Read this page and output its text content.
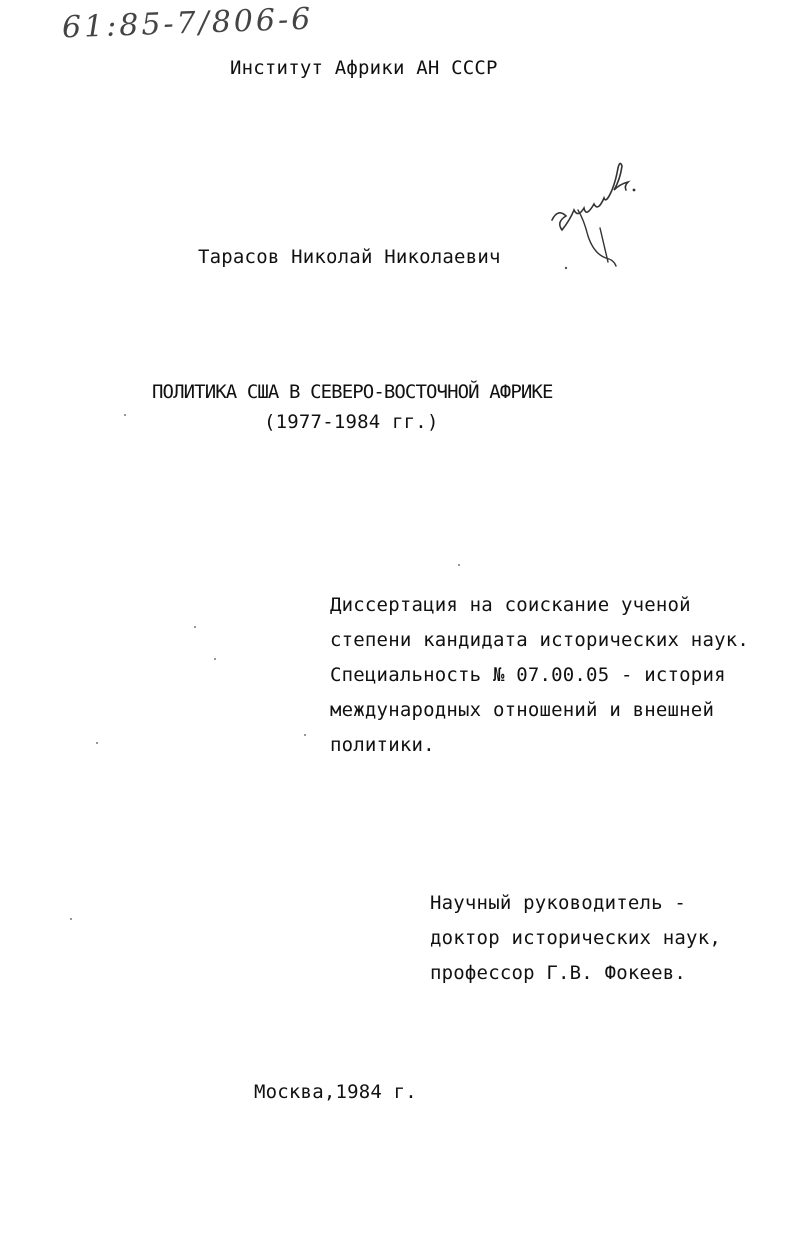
61:85-7/806-6
Институт Африки АН СССР
Тарасов Николай Николаевич
ПОЛИТИКА США В СЕВЕРО-ВОСТОЧНОЙ АФРИКЕ
(1977-1984 гг.)
Диссертация на соискание ученой
степени кандидата исторических наук.
Специальность № 07.00.05 - история
международных отношений и внешней
политики.
Научный руководитель -
доктор исторических наук,
профессор Г.В. Фокеев.
Москва,1984 г.
